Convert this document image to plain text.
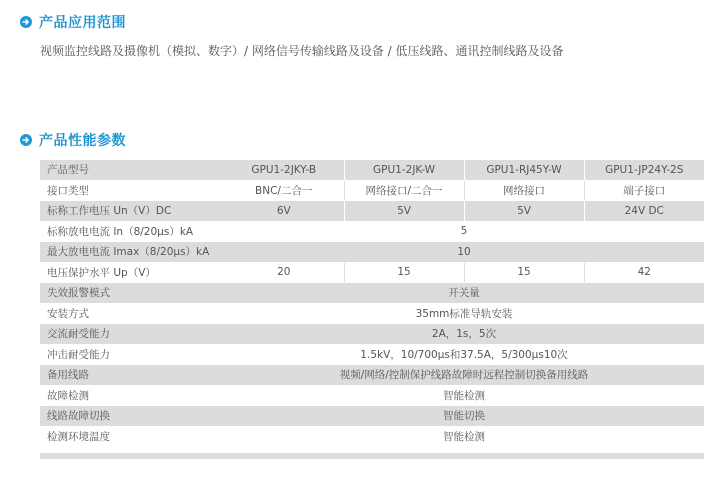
产品应用范围
视频监控线路及摄像机（模拟、数字）/ 网络信号传输线路及设备 / 低压线路、通讯控制线路及设备
产品性能参数
产品型号	GPU1-2JKY-B	GPU1-2JK-W	GPU1-RJ45Y-W	GPU1-JP24Y-2S
接口类型	BNC/二合一	网络接口/二合一	网络接口	端子接口
标称工作电压 Un（V）DC	6V	5V	5V	24V DC
标称放电电流 In（8/20μs）kA	5			
最大放电电流 Imax（8/20μs）kA	10			
电压保护水平 Up（V）	20	15	15	42
失效报警模式	开关量			
安装方式	35mm标准导轨安装			
交流耐受能力	2A，1s，5次			
冲击耐受能力	1.5kV，10/700μs和37.5A，5/300μs10次			
备用线路	视频/网络/控制保护线路故障时远程控制切换备用线路			
故障检测	智能检测			
线路故障切换	智能切换			
检测环境温度	智能检测			
